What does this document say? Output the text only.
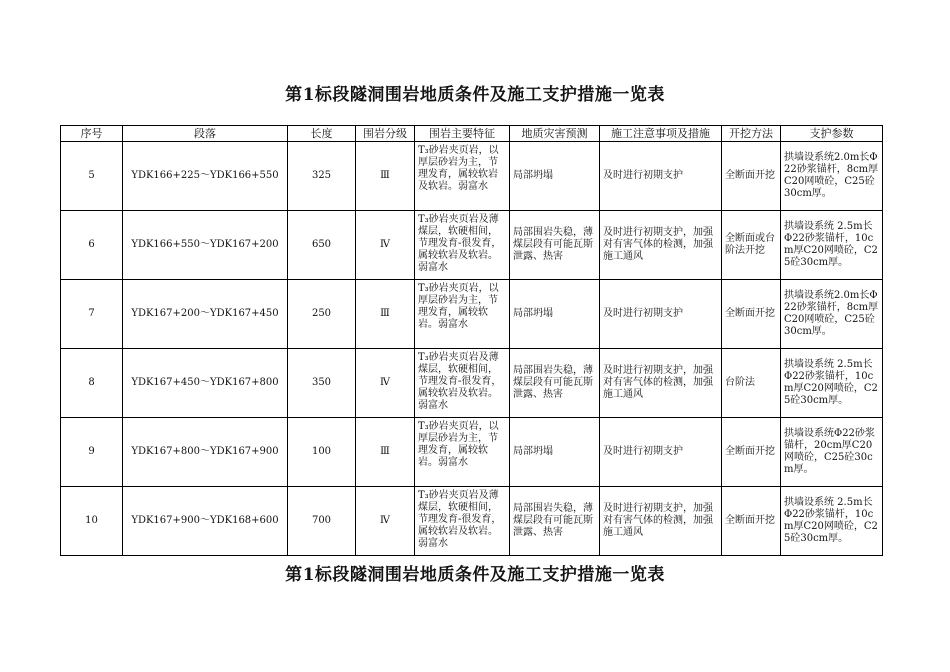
第1标段隧洞围岩地质条件及施工支护措施一览表
序号	段落	长度	围岩分级	围岩主要特征	地质灾害预测	施工注意事项及措施	开挖方法	支护参数
5	YDK166+225～YDK166+550	325	Ⅲ	T₃砂岩夹页岩，以厚层砂岩为主，节理发育，属较软岩及软岩。弱富水	局部坍塌	及时进行初期支护	全断面开挖	拱墙设系统2.0m长Φ22砂浆锚杆，8cm厚C20网喷砼，C25砼30cm厚。
6	YDK166+550～YDK167+200	650	Ⅳ	T₃砂岩夹页岩及薄煤层，软硬相间，节理发育-很发育，属较软岩及软岩。弱富水	局部围岩失稳，薄煤层段有可能瓦斯泄露、热害	及时进行初期支护，加强对有害气体的检测，加强施工通风	全断面或台阶法开挖	拱墙设系统 2.5m长Φ22砂浆锚杆，10cm厚C20网喷砼，C25砼30cm厚。
7	YDK167+200～YDK167+450	250	Ⅲ	T₃砂岩夹页岩，以厚层砂岩为主，节理发育，属较软岩。弱富水	局部坍塌	及时进行初期支护	全断面开挖	拱墙设系统2.0m长Φ22砂浆锚杆，8cm厚C20网喷砼，C25砼30cm厚。
8	YDK167+450～YDK167+800	350	Ⅳ	T₃砂岩夹页岩及薄煤层，软硬相间，节理发育-很发育，属较软岩及软岩。弱富水	局部围岩失稳，薄煤层段有可能瓦斯泄露、热害	及时进行初期支护，加强对有害气体的检测，加强施工通风	台阶法	拱墙设系统 2.5m长Φ22砂浆锚杆，10cm厚C20网喷砼，C25砼30cm厚。
9	YDK167+800～YDK167+900	100	Ⅲ	T₃砂岩夹页岩，以厚层砂岩为主，节理发育，属较软岩。弱富水	局部坍塌	及时进行初期支护	全断面开挖	拱墙设系统Φ22砂浆锚杆，20cm厚C20网喷砼，C25砼30cm厚。
10	YDK167+900～YDK168+600	700	Ⅳ	T₃砂岩夹页岩及薄煤层，软硬相间，节理发育-很发育，属较软岩及软岩。弱富水	局部围岩失稳，薄煤层段有可能瓦斯泄露、热害	及时进行初期支护，加强对有害气体的检测，加强施工通风	全断面开挖	拱墙设系统 2.5m长Φ22砂浆锚杆，10cm厚C20网喷砼，C25砼30cm厚。
第1标段隧洞围岩地质条件及施工支护措施一览表
